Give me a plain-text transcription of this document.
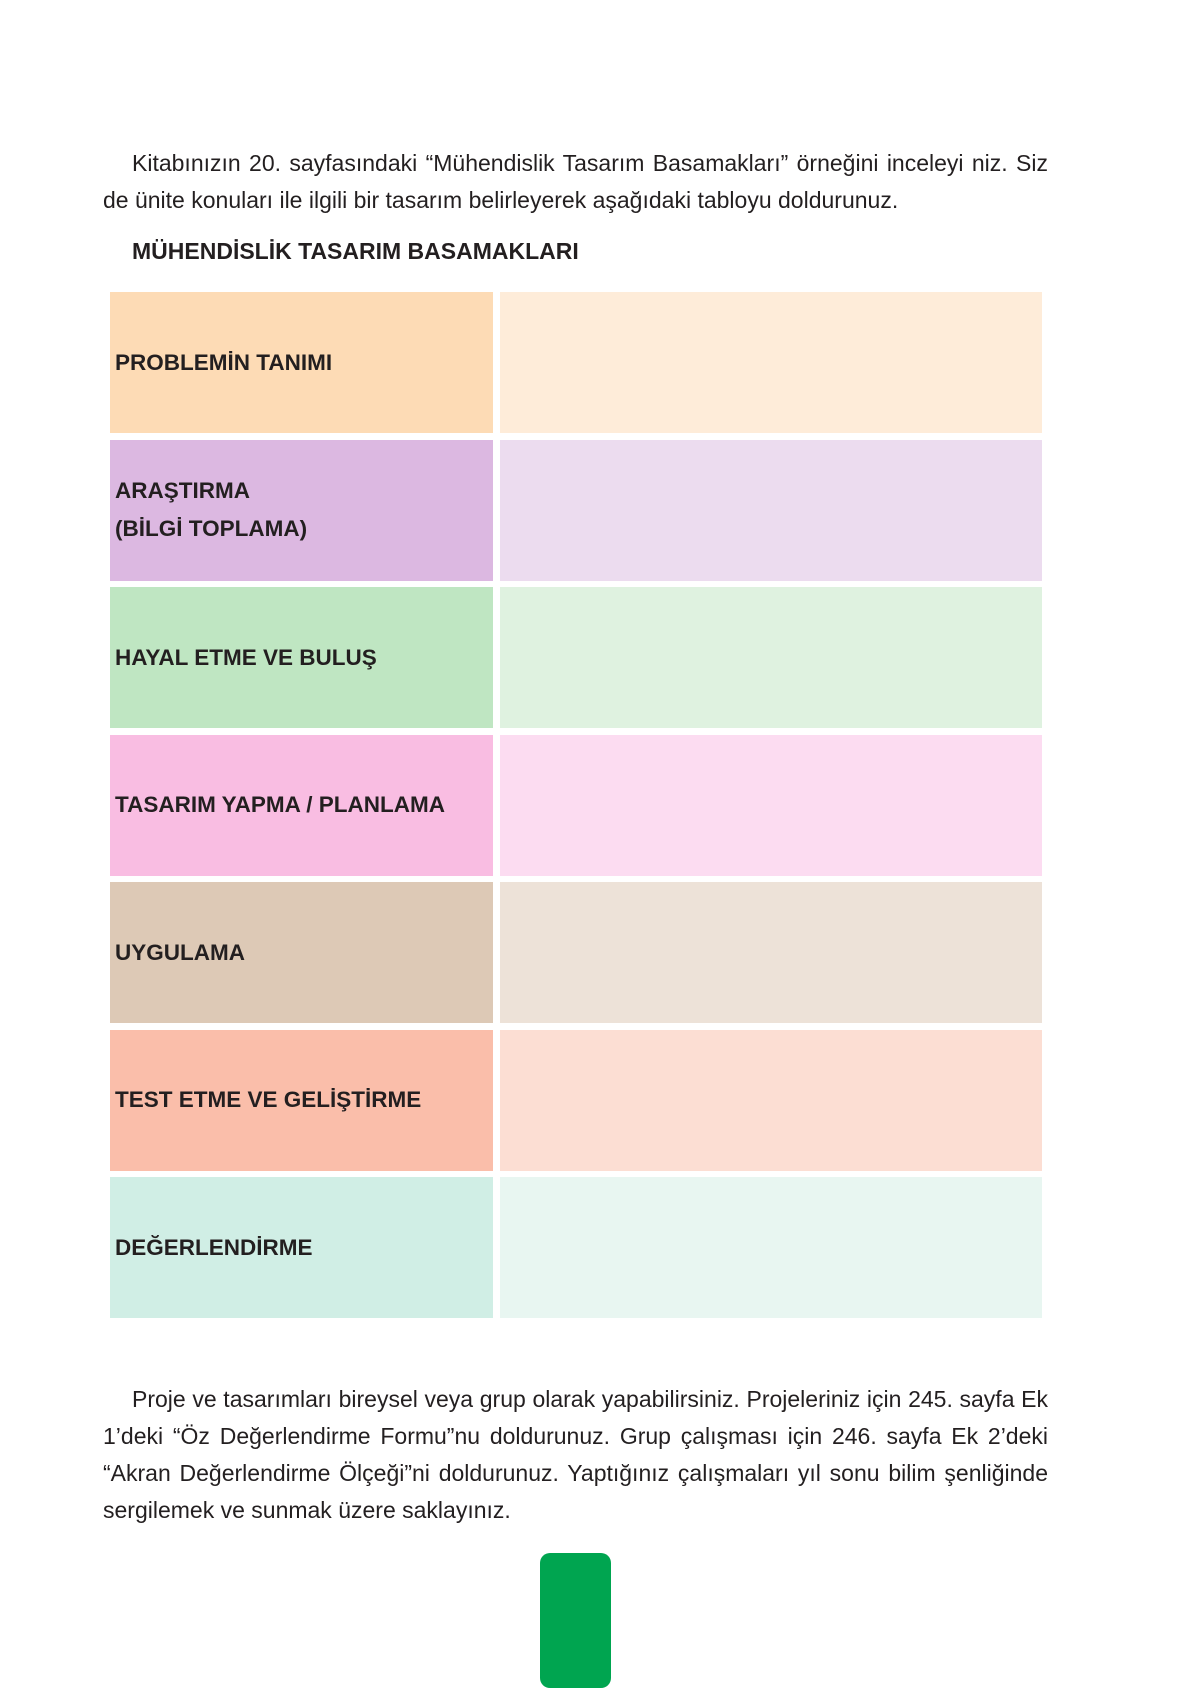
Kitabınızın 20. sayfasındaki “Mühendislik Tasarım Basamakları” örneğini inceleyi niz. Siz de ünite konuları ile ilgili bir tasarım belirleyerek aşağıdaki tabloyu doldurunuz.

MÜHENDİSLİK TASARIM BASAMAKLARI

PROBLEMİN TANIMI
ARAŞTIRMA
(BİLGİ TOPLAMA)
HAYAL ETME VE BULUŞ
TASARIM YAPMA / PLANLAMA
UYGULAMA
TEST ETME VE GELİŞTİRME
DEĞERLENDİRME

Proje ve tasarımları bireysel veya grup olarak yapabilirsiniz. Projeleriniz için 245. sayfa Ek 1’deki “Öz Değerlendirme Formu”nu doldurunuz. Grup çalışması için 246. sayfa Ek 2’deki “Akran Değerlendirme Ölçeği”ni doldurunuz. Yaptığınız çalışmaları yıl sonu bilim şenliğinde sergilemek ve sunmak üzere saklayınız.
